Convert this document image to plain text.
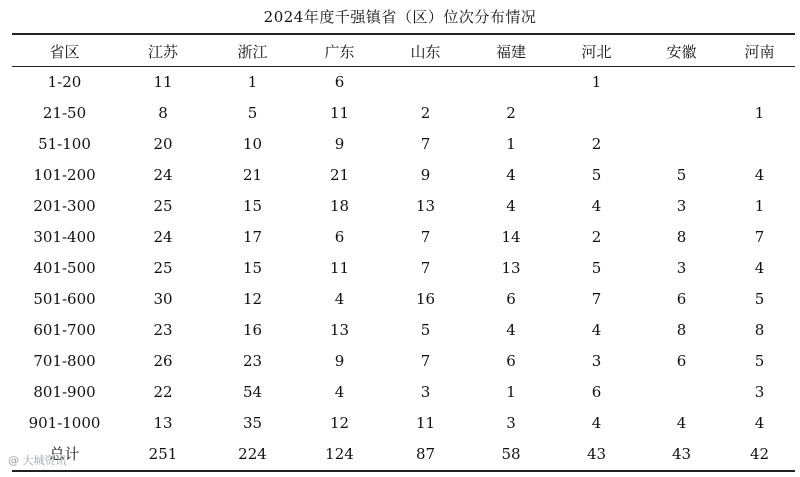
2024年度千强镇省（区）位次分布情况
省区	江苏	浙江	广东	山东	福建	河北	安徽	河南
1-20	11	1	6			1		
21-50	8	5	11	2	2			1
51-100	20	10	9	7	1	2		
101-200	24	21	21	9	4	5	5	4
201-300	25	15	18	13	4	4	3	1
301-400	24	17	6	7	14	2	8	7
401-500	25	15	11	7	13	5	3	4
501-600	30	12	4	16	6	7	6	5
601-700	23	16	13	5	4	4	8	8
701-800	26	23	9	7	6	3	6	5
801-900	22	54	4	3	1	6		3
901-1000	13	35	12	11	3	4	4	4
总计	251	224	124	87	58	43	43	42
@ 大城资讯
